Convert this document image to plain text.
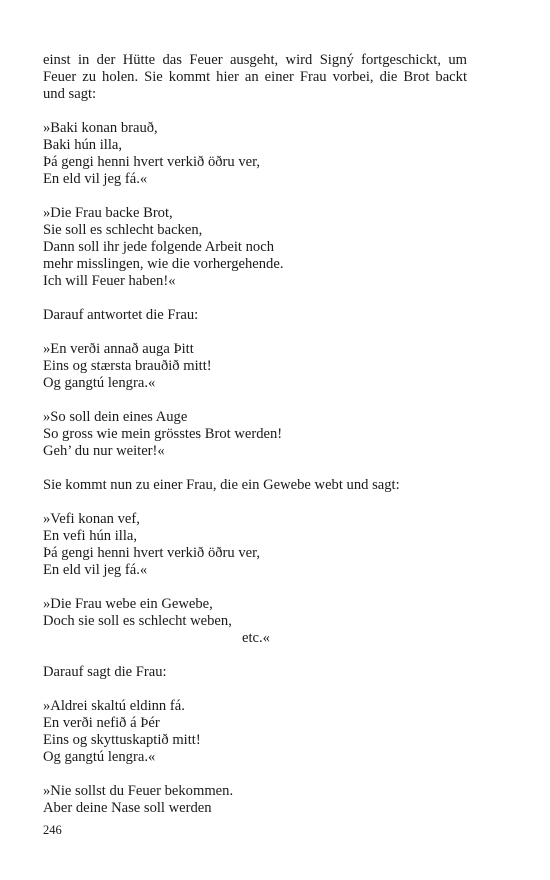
einst in der Hütte das Feuer ausgeht, wird Signý fortgeschickt, um
Feuer zu holen. Sie kommt hier an einer Frau vorbei, die Brot backt
und sagt:

»Baki konan brauð,
Baki hún illa,
Þá gengi henni hvert verkið öðru ver,
En eld vil jeg fá.«
»Die Frau backe Brot,
Sie soll es schlecht backen,
Dann soll ihr jede folgende Arbeit noch
mehr misslingen, wie die vorhergehende.
Ich will Feuer haben!«
Darauf antwortet die Frau:
»En verði annað auga Þitt
Eins og stærsta brauðið mitt!
Og gangtú lengra.«
»So soll dein eines Auge
So gross wie mein grösstes Brot werden!
Geh’ du nur weiter!«
Sie kommt nun zu einer Frau, die ein Gewebe webt und sagt:
»Vefi konan vef,
En vefi hún illa,
Þá gengi henni hvert verkið öðru ver,
En eld vil jeg fá.«
»Die Frau webe ein Gewebe,
Doch sie soll es schlecht weben,
etc.«
Darauf sagt die Frau:
»Aldrei skaltú eldinn fá.
En verði nefið á Þér
Eins og skyttuskaptið mitt!
Og gangtú lengra.«
»Nie sollst du Feuer bekommen.
Aber deine Nase soll werden
246
